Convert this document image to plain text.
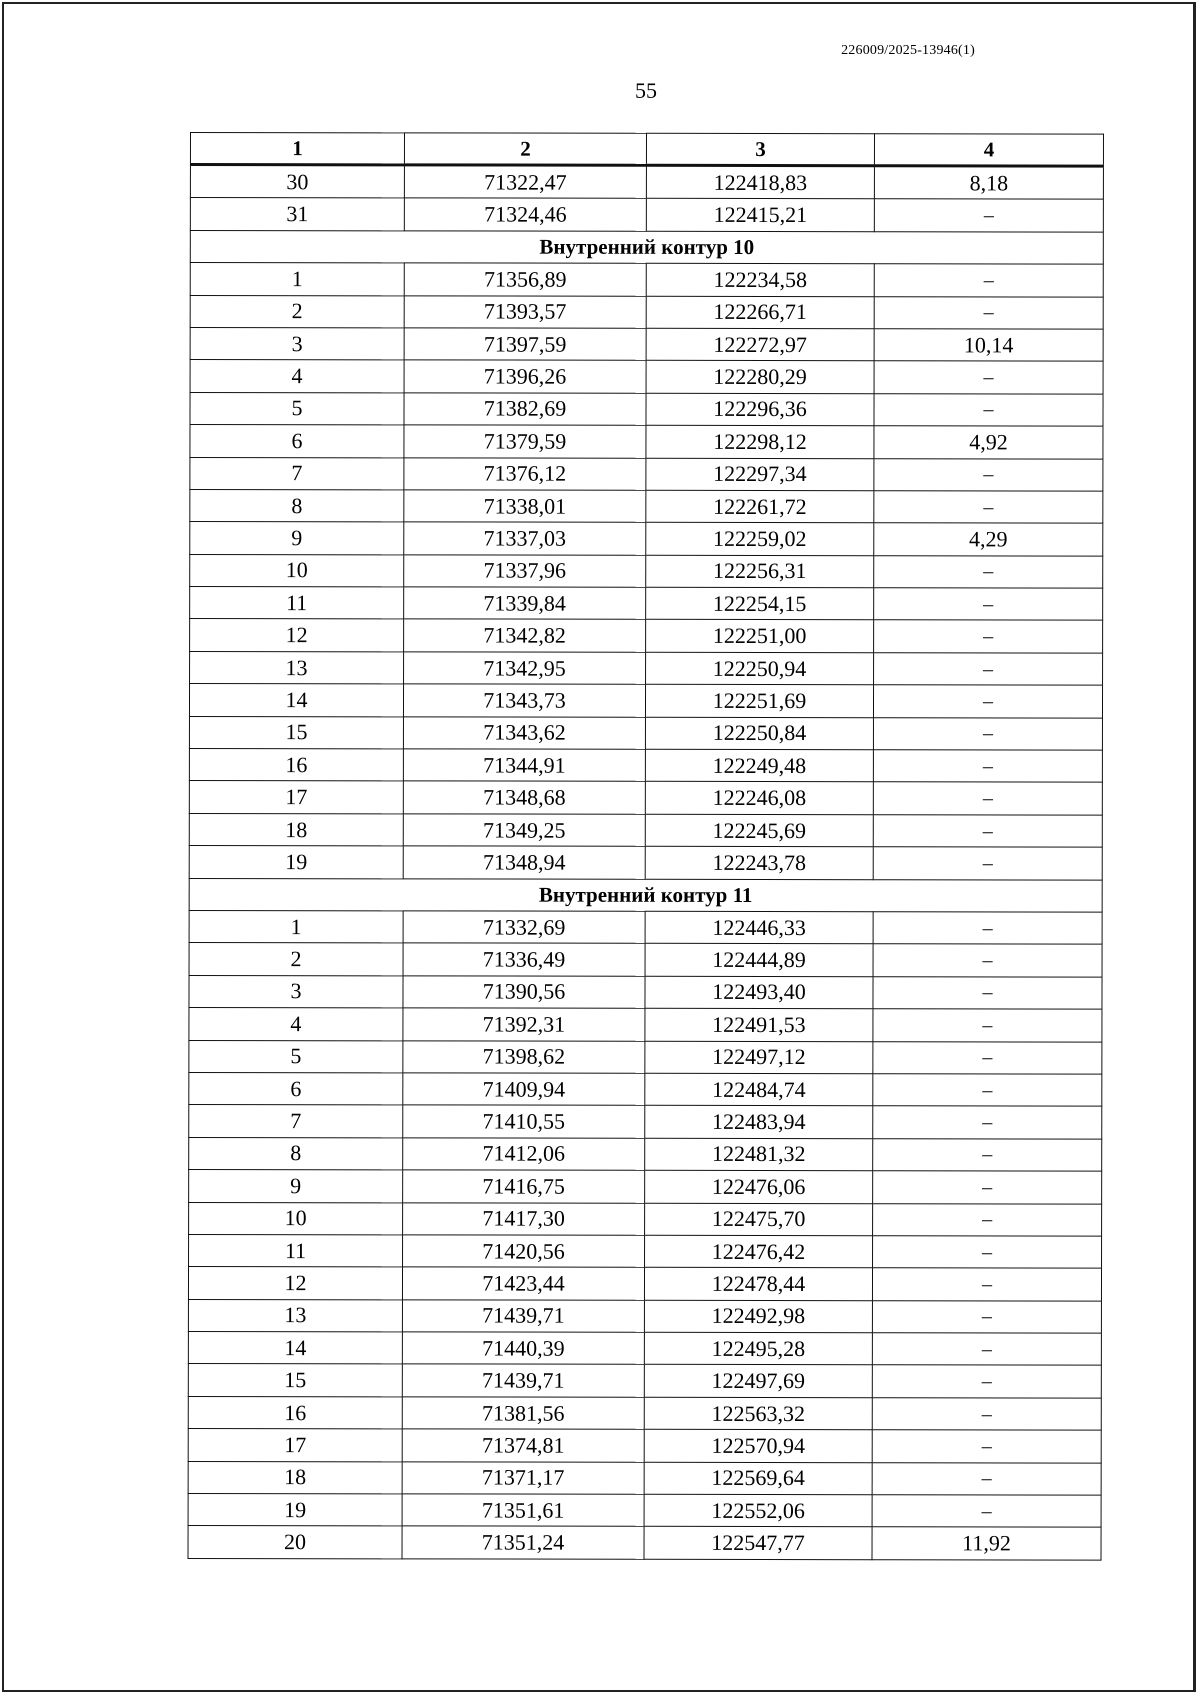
226009/2025-13946(1)
55
1	2	3	4
30	71322,47	122418,83	8,18
31	71324,46	122415,21	–
Внутренний контур 10			
1	71356,89	122234,58	–
2	71393,57	122266,71	–
3	71397,59	122272,97	10,14
4	71396,26	122280,29	–
5	71382,69	122296,36	–
6	71379,59	122298,12	4,92
7	71376,12	122297,34	–
8	71338,01	122261,72	–
9	71337,03	122259,02	4,29
10	71337,96	122256,31	–
11	71339,84	122254,15	–
12	71342,82	122251,00	–
13	71342,95	122250,94	–
14	71343,73	122251,69	–
15	71343,62	122250,84	–
16	71344,91	122249,48	–
17	71348,68	122246,08	–
18	71349,25	122245,69	–
19	71348,94	122243,78	–
Внутренний контур 11			
1	71332,69	122446,33	–
2	71336,49	122444,89	–
3	71390,56	122493,40	–
4	71392,31	122491,53	–
5	71398,62	122497,12	–
6	71409,94	122484,74	–
7	71410,55	122483,94	–
8	71412,06	122481,32	–
9	71416,75	122476,06	–
10	71417,30	122475,70	–
11	71420,56	122476,42	–
12	71423,44	122478,44	–
13	71439,71	122492,98	–
14	71440,39	122495,28	–
15	71439,71	122497,69	–
16	71381,56	122563,32	–
17	71374,81	122570,94	–
18	71371,17	122569,64	–
19	71351,61	122552,06	–
20	71351,24	122547,77	11,92
